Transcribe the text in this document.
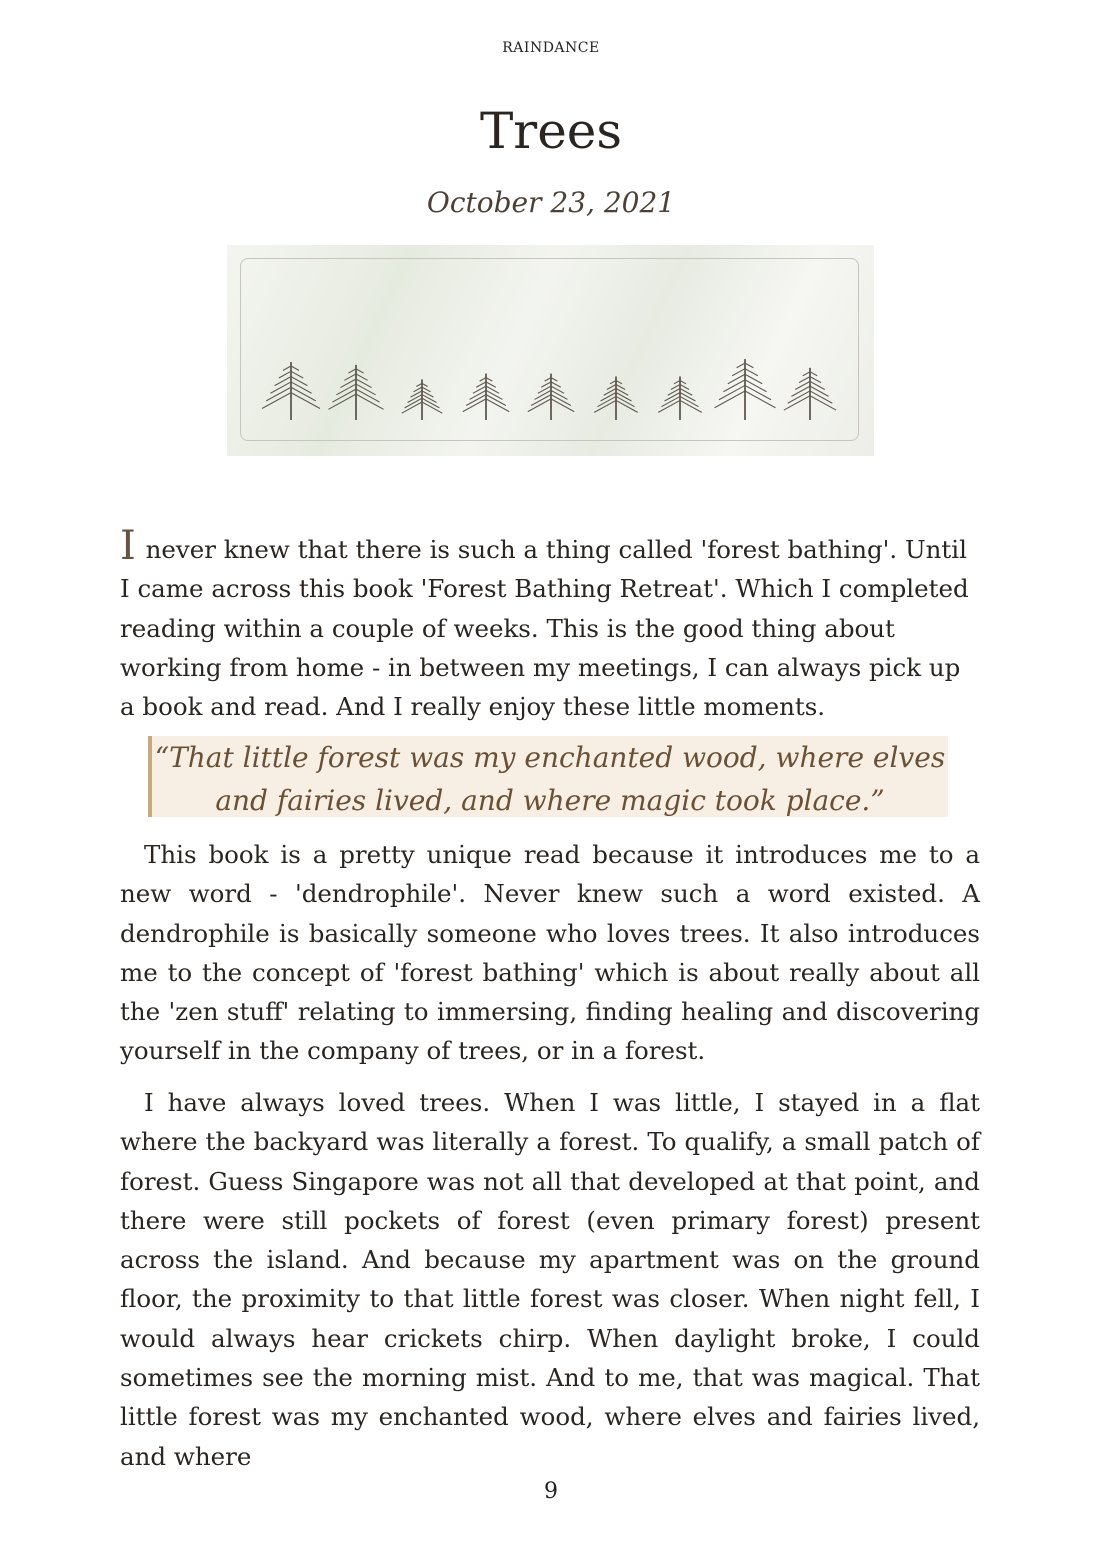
RAINDANCE
Trees
October 23, 2021

I never knew that there is such a thing called 'forest bathing'. Until I came across this book 'Forest Bathing Retreat'. Which I completed reading within a couple of weeks. This is the good thing about working from home - in between my meetings, I can always pick up a book and read. And I really enjoy these little moments.

“That little forest was my enchanted wood, where elves and fairies lived, and where magic took place.”

This book is a pretty unique read because it introduces me to a new word - 'dendrophile'. Never knew such a word existed. A dendrophile is basically someone who loves trees. It also introduces me to the concept of 'forest bathing' which is about really about all the 'zen stuff' relating to immersing, finding healing and discovering yourself in the company of trees, or in a forest.

I have always loved trees. When I was little, I stayed in a flat where the backyard was literally a forest. To qualify, a small patch of forest. Guess Singapore was not all that developed at that point, and there were still pockets of forest (even primary forest) present across the island. And because my apartment was on the ground floor, the proximity to that little forest was closer. When night fell, I would always hear crickets chirp. When daylight broke, I could sometimes see the morning mist. And to me, that was magical. That little forest was my enchanted wood, where elves and fairies lived, and where

9
